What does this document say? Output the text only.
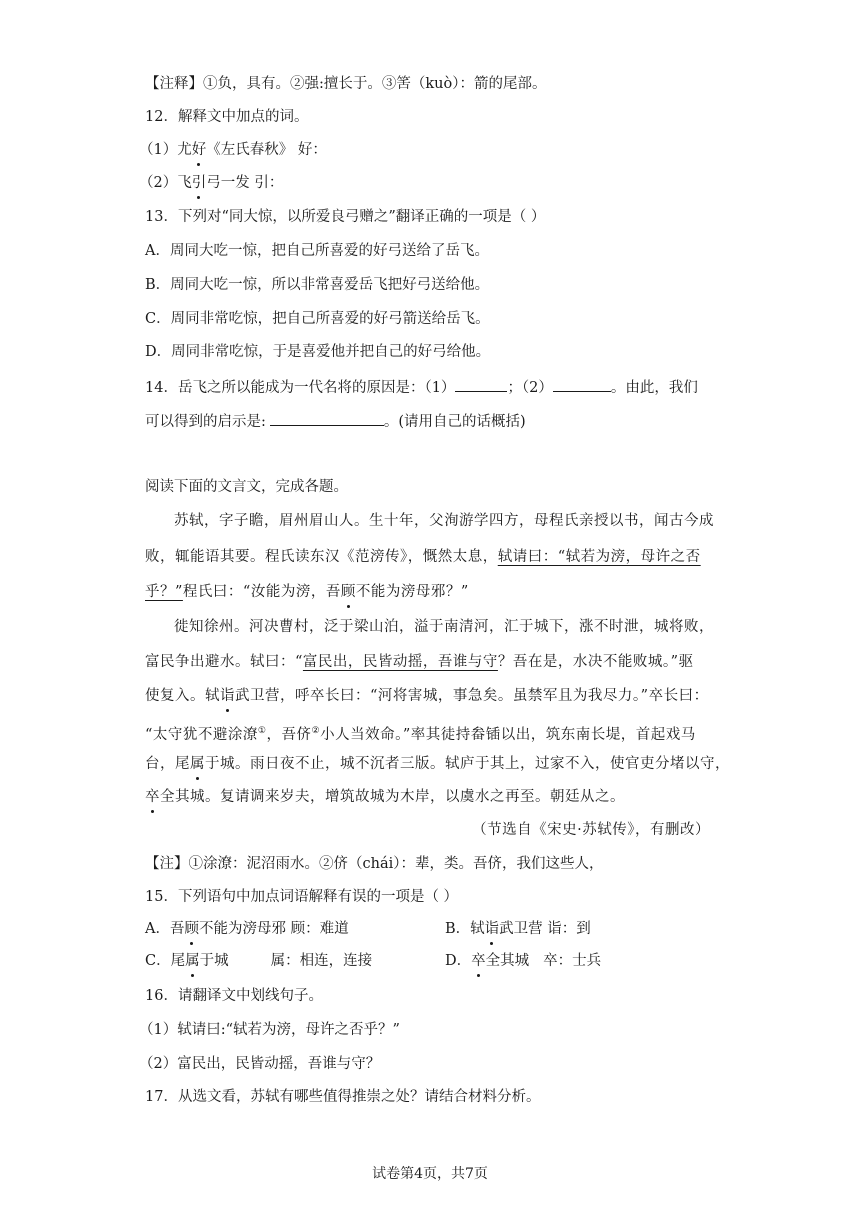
【注释】①负，具有。②强:擅长于。③筈（kuò）：箭的尾部。
12．解释文中加点的词。
（1）尤好《左氏春秋》 好：
（2）飞引弓一发 引：
13．下列对“同大惊，以所爱良弓赠之”翻译正确的一项是（ ）
A．周同大吃一惊，把自己所喜爱的好弓送给了岳飞。
B．周同大吃一惊，所以非常喜爱岳飞把好弓送给他。
C．周同非常吃惊，把自己所喜爱的好弓箭送给岳飞。
D．周同非常吃惊，于是喜爱他并把自己的好弓给他。
14．岳飞之所以能成为一代名将的原因是：（1）	；（2）	。由此，我们
可以得到的启示是:	。(请用自己的话概括)
阅读下面的文言文，完成各题。
苏轼，字子瞻，眉州眉山人。生十年，父洵游学四方，母程氏亲授以书，闻古今成
败，辄能语其要。程氏读东汉《范滂传》，慨然太息，轼请曰：“轼若为滂，母许之否
乎？”程氏曰：“汝能为滂，吾顾不能为滂母邪？”
徙知徐州。河决曹村，泛于梁山泊，溢于南清河，汇于城下，涨不时泄，城将败，
富民争出避水。轼曰：“富民出，民皆动摇，吾谁与守？吾在是，水决不能败城。”驱
使复入。轼诣武卫营，呼卒长曰：“河将害城，事急矣。虽禁军且为我尽力。”卒长曰：
“太守犹不避涂潦①，吾侪②小人当效命。”率其徒持畚锸以出，筑东南长堤，首起戏马
台，尾属于城。雨日夜不止，城不沉者三版。轼庐于其上，过家不入，使官吏分堵以守，
卒全其城。复请调来岁夫，增筑故城为木岸，以虞水之再至。朝廷从之。
（节选自《宋史·苏轼传》，有删改）
【注】①涂潦：泥沼雨水。②侪（chái）：辈，类。吾侪，我们这些人，
15．下列语句中加点词语解释有误的一项是（ ）
A．吾顾不能为滂母邪 顾：难道	B．轼诣武卫营 诣：到
C．尾属于城	属：相连，连接	D．卒全其城 卒：士兵
16．请翻译文中划线句子。
（1）轼请曰:“轼若为滂，母许之否乎？”
（2）富民出，民皆动摇，吾谁与守？
17．从选文看，苏轼有哪些值得推崇之处？请结合材料分析。
试卷第4页，共7页
